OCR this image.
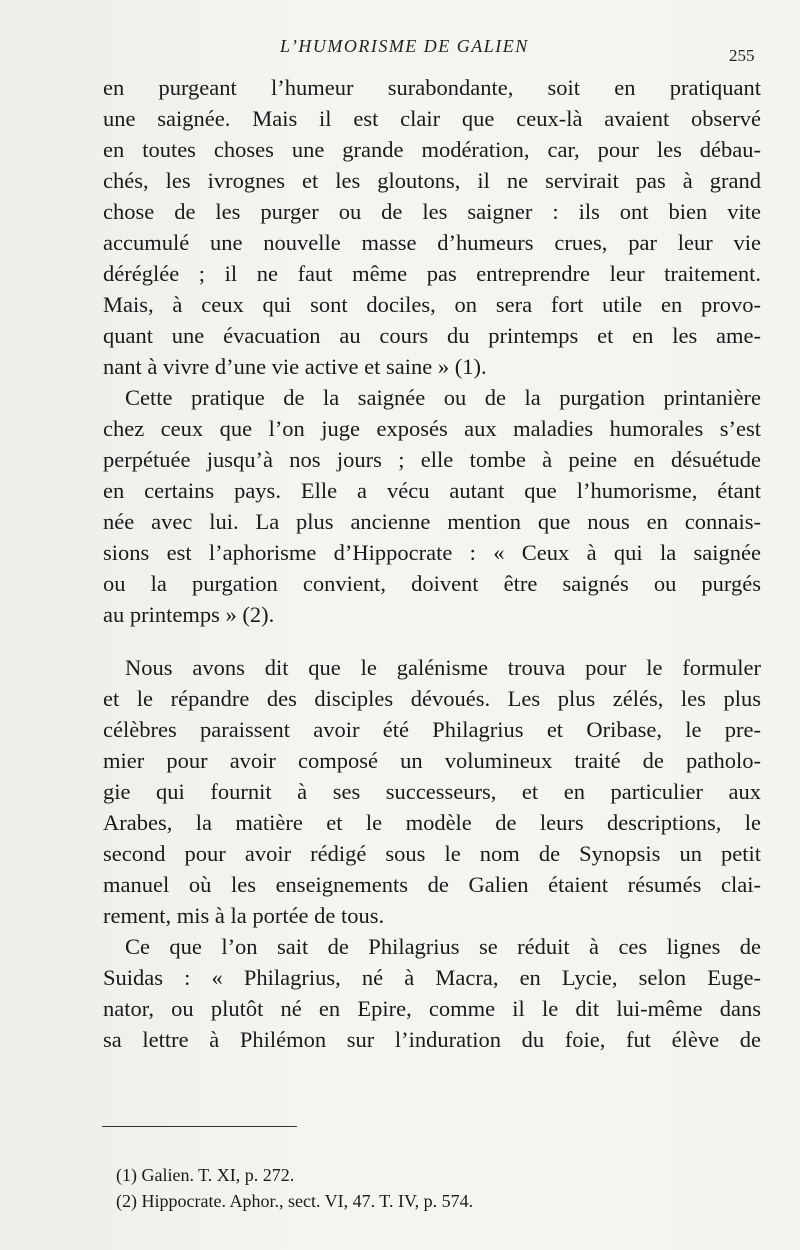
L’HUMORISME DE GALIEN	255
en purgeant l’humeur surabondante, soit en pratiquant
une saignée. Mais il est clair que ceux-là avaient observé
en toutes choses une grande modération, car, pour les débau-
chés, les ivrognes et les gloutons, il ne servirait pas à grand
chose de les purger ou de les saigner : ils ont bien vite
accumulé une nouvelle masse d’humeurs crues, par leur vie
déréglée ; il ne faut même pas entreprendre leur traitement.
Mais, à ceux qui sont dociles, on sera fort utile en provo-
quant une évacuation au cours du printemps et en les ame-
nant à vivre d’une vie active et saine » (1).
Cette pratique de la saignée ou de la purgation printanière
chez ceux que l’on juge exposés aux maladies humorales s’est
perpétuée jusqu’à nos jours ; elle tombe à peine en désuétude
en certains pays. Elle a vécu autant que l’humorisme, étant
née avec lui. La plus ancienne mention que nous en connais-
sions est l’aphorisme d’Hippocrate : « Ceux à qui la saignée
ou la purgation convient, doivent être saignés ou purgés
au printemps » (2).
Nous avons dit que le galénisme trouva pour le formuler
et le répandre des disciples dévoués. Les plus zélés, les plus
célèbres paraissent avoir été Philagrius et Oribase, le pre-
mier pour avoir composé un volumineux traité de patholo-
gie qui fournit à ses successeurs, et en particulier aux
Arabes, la matière et le modèle de leurs descriptions, le
second pour avoir rédigé sous le nom de Synopsis un petit
manuel où les enseignements de Galien étaient résumés clai-
rement, mis à la portée de tous.
Ce que l’on sait de Philagrius se réduit à ces lignes de
Suidas : « Philagrius, né à Macra, en Lycie, selon Euge-
nator, ou plutôt né en Epire, comme il le dit lui-même dans
sa lettre à Philémon sur l’induration du foie, fut élève de
(1) Galien. T. XI, p. 272.
(2) Hippocrate. Aphor., sect. VI, 47. T. IV, p. 574.
